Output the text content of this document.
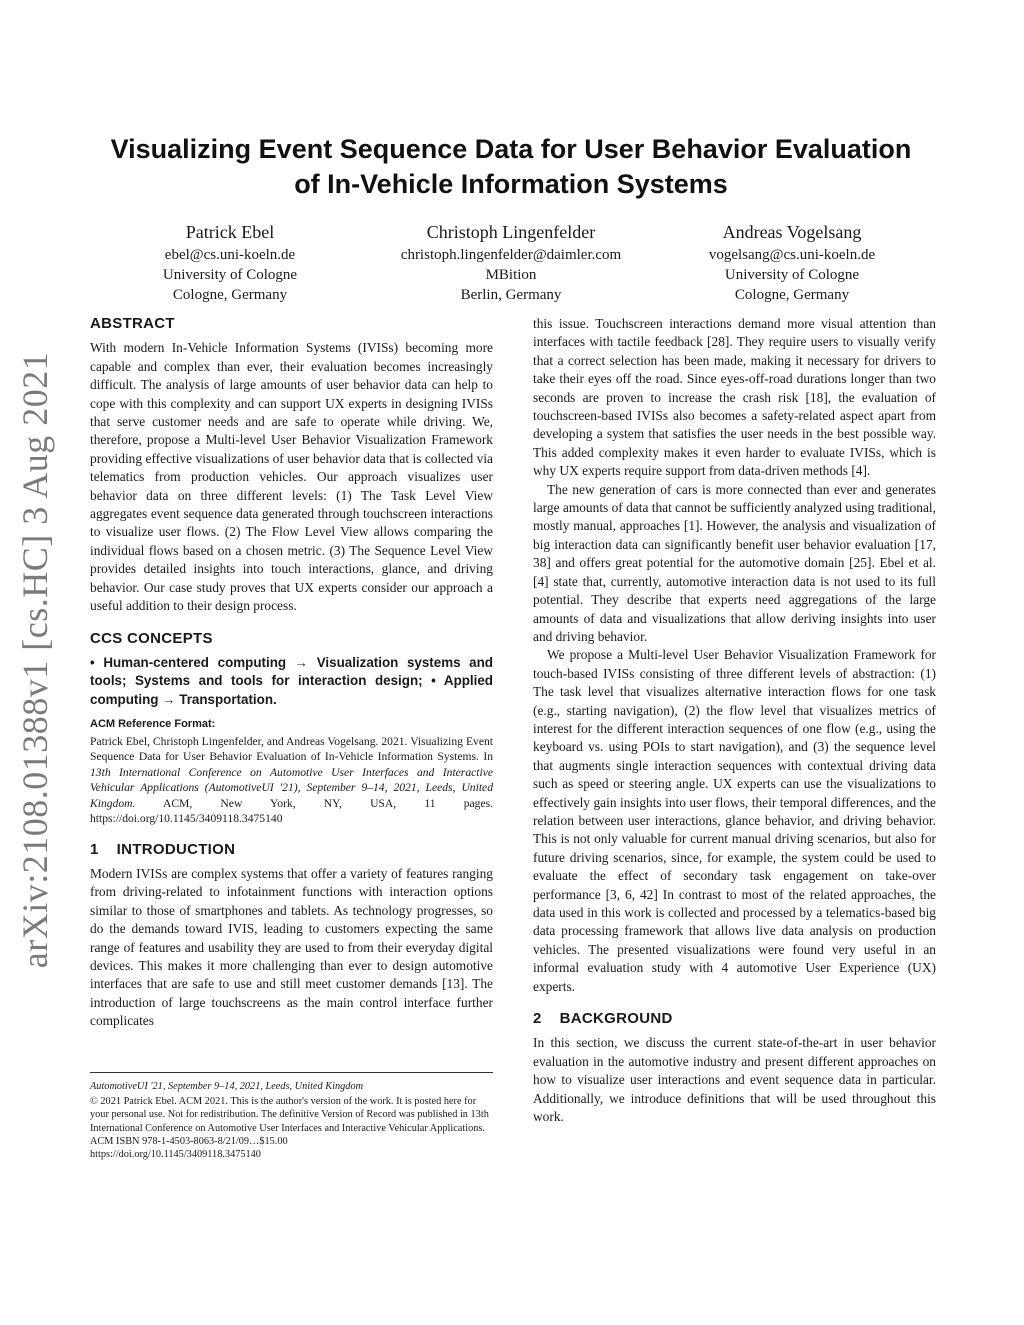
arXiv:2108.01388v1 [cs.HC] 3 Aug 2021
Visualizing Event Sequence Data for User Behavior Evaluation
of In-Vehicle Information Systems
Patrick Ebel
ebel@cs.uni-koeln.de
University of Cologne
Cologne, Germany
Christoph Lingenfelder
christoph.lingenfelder@daimler.com
MBition
Berlin, Germany
Andreas Vogelsang
vogelsang@cs.uni-koeln.de
University of Cologne
Cologne, Germany
ABSTRACT

With modern In-Vehicle Information Systems (IVISs) becoming more capable and complex than ever, their evaluation becomes increasingly difficult. The analysis of large amounts of user behavior data can help to cope with this complexity and can support UX experts in designing IVISs that serve customer needs and are safe to operate while driving. We, therefore, propose a Multi-level User Behavior Visualization Framework providing effective visualizations of user behavior data that is collected via telematics from production vehicles. Our approach visualizes user behavior data on three different levels: (1) The Task Level View aggregates event sequence data generated through touchscreen interactions to visualize user flows. (2) The Flow Level View allows comparing the individual flows based on a chosen metric. (3) The Sequence Level View provides detailed insights into touch interactions, glance, and driving behavior. Our case study proves that UX experts consider our approach a useful addition to their design process.

CCS CONCEPTS

• Human-centered computing → Visualization systems and tools; Systems and tools for interaction design; • Applied computing → Transportation.

ACM Reference Format:

Patrick Ebel, Christoph Lingenfelder, and Andreas Vogelsang. 2021. Visualizing Event Sequence Data for User Behavior Evaluation of In-Vehicle Information Systems. In 13th International Conference on Automotive User Interfaces and Interactive Vehicular Applications (AutomotiveUI '21), September 9–14, 2021, Leeds, United Kingdom. ACM, New York, NY, USA, 11 pages. https://doi.org/10.1145/3409118.3475140

1 INTRODUCTION

Modern IVISs are complex systems that offer a variety of features ranging from driving-related to infotainment functions with interaction options similar to those of smartphones and tablets. As technology progresses, so do the demands toward IVIS, leading to customers expecting the same range of features and usability they are used to from their everyday digital devices. This makes it more challenging than ever to design automotive interfaces that are safe to use and still meet customer demands [13]. The introduction of large touchscreens as the main control interface further complicates

AutomotiveUI '21, September 9–14, 2021, Leeds, United Kingdom
© 2021 Patrick Ebel. ACM 2021. This is the author's version of the work. It is posted here for your personal use. Not for redistribution. The definitive Version of Record was published in 13th International Conference on Automotive User Interfaces and Interactive Vehicular Applications.
ACM ISBN 978-1-4503-8063-8/21/09…$15.00
https://doi.org/10.1145/3409118.3475140

this issue. Touchscreen interactions demand more visual attention than interfaces with tactile feedback [28]. They require users to visually verify that a correct selection has been made, making it necessary for drivers to take their eyes off the road. Since eyes-off-road durations longer than two seconds are proven to increase the crash risk [18], the evaluation of touchscreen-based IVISs also becomes a safety-related aspect apart from developing a system that satisfies the user needs in the best possible way. This added complexity makes it even harder to evaluate IVISs, which is why UX experts require support from data-driven methods [4].

The new generation of cars is more connected than ever and generates large amounts of data that cannot be sufficiently analyzed using traditional, mostly manual, approaches [1]. However, the analysis and visualization of big interaction data can significantly benefit user behavior evaluation [17, 38] and offers great potential for the automotive domain [25]. Ebel et al. [4] state that, currently, automotive interaction data is not used to its full potential. They describe that experts need aggregations of the large amounts of data and visualizations that allow deriving insights into user and driving behavior.

We propose a Multi-level User Behavior Visualization Framework for touch-based IVISs consisting of three different levels of abstraction: (1) The task level that visualizes alternative interaction flows for one task (e.g., starting navigation), (2) the flow level that visualizes metrics of interest for the different interaction sequences of one flow (e.g., using the keyboard vs. using POIs to start navigation), and (3) the sequence level that augments single interaction sequences with contextual driving data such as speed or steering angle. UX experts can use the visualizations to effectively gain insights into user flows, their temporal differences, and the relation between user interactions, glance behavior, and driving behavior. This is not only valuable for current manual driving scenarios, but also for future driving scenarios, since, for example, the system could be used to evaluate the effect of secondary task engagement on take-over performance [3, 6, 42] In contrast to most of the related approaches, the data used in this work is collected and processed by a telematics-based big data processing framework that allows live data analysis on production vehicles. The presented visualizations were found very useful in an informal evaluation study with 4 automotive User Experience (UX) experts.

2 BACKGROUND

In this section, we discuss the current state-of-the-art in user behavior evaluation in the automotive industry and present different approaches on how to visualize user interactions and event sequence data in particular. Additionally, we introduce definitions that will be used throughout this work.
